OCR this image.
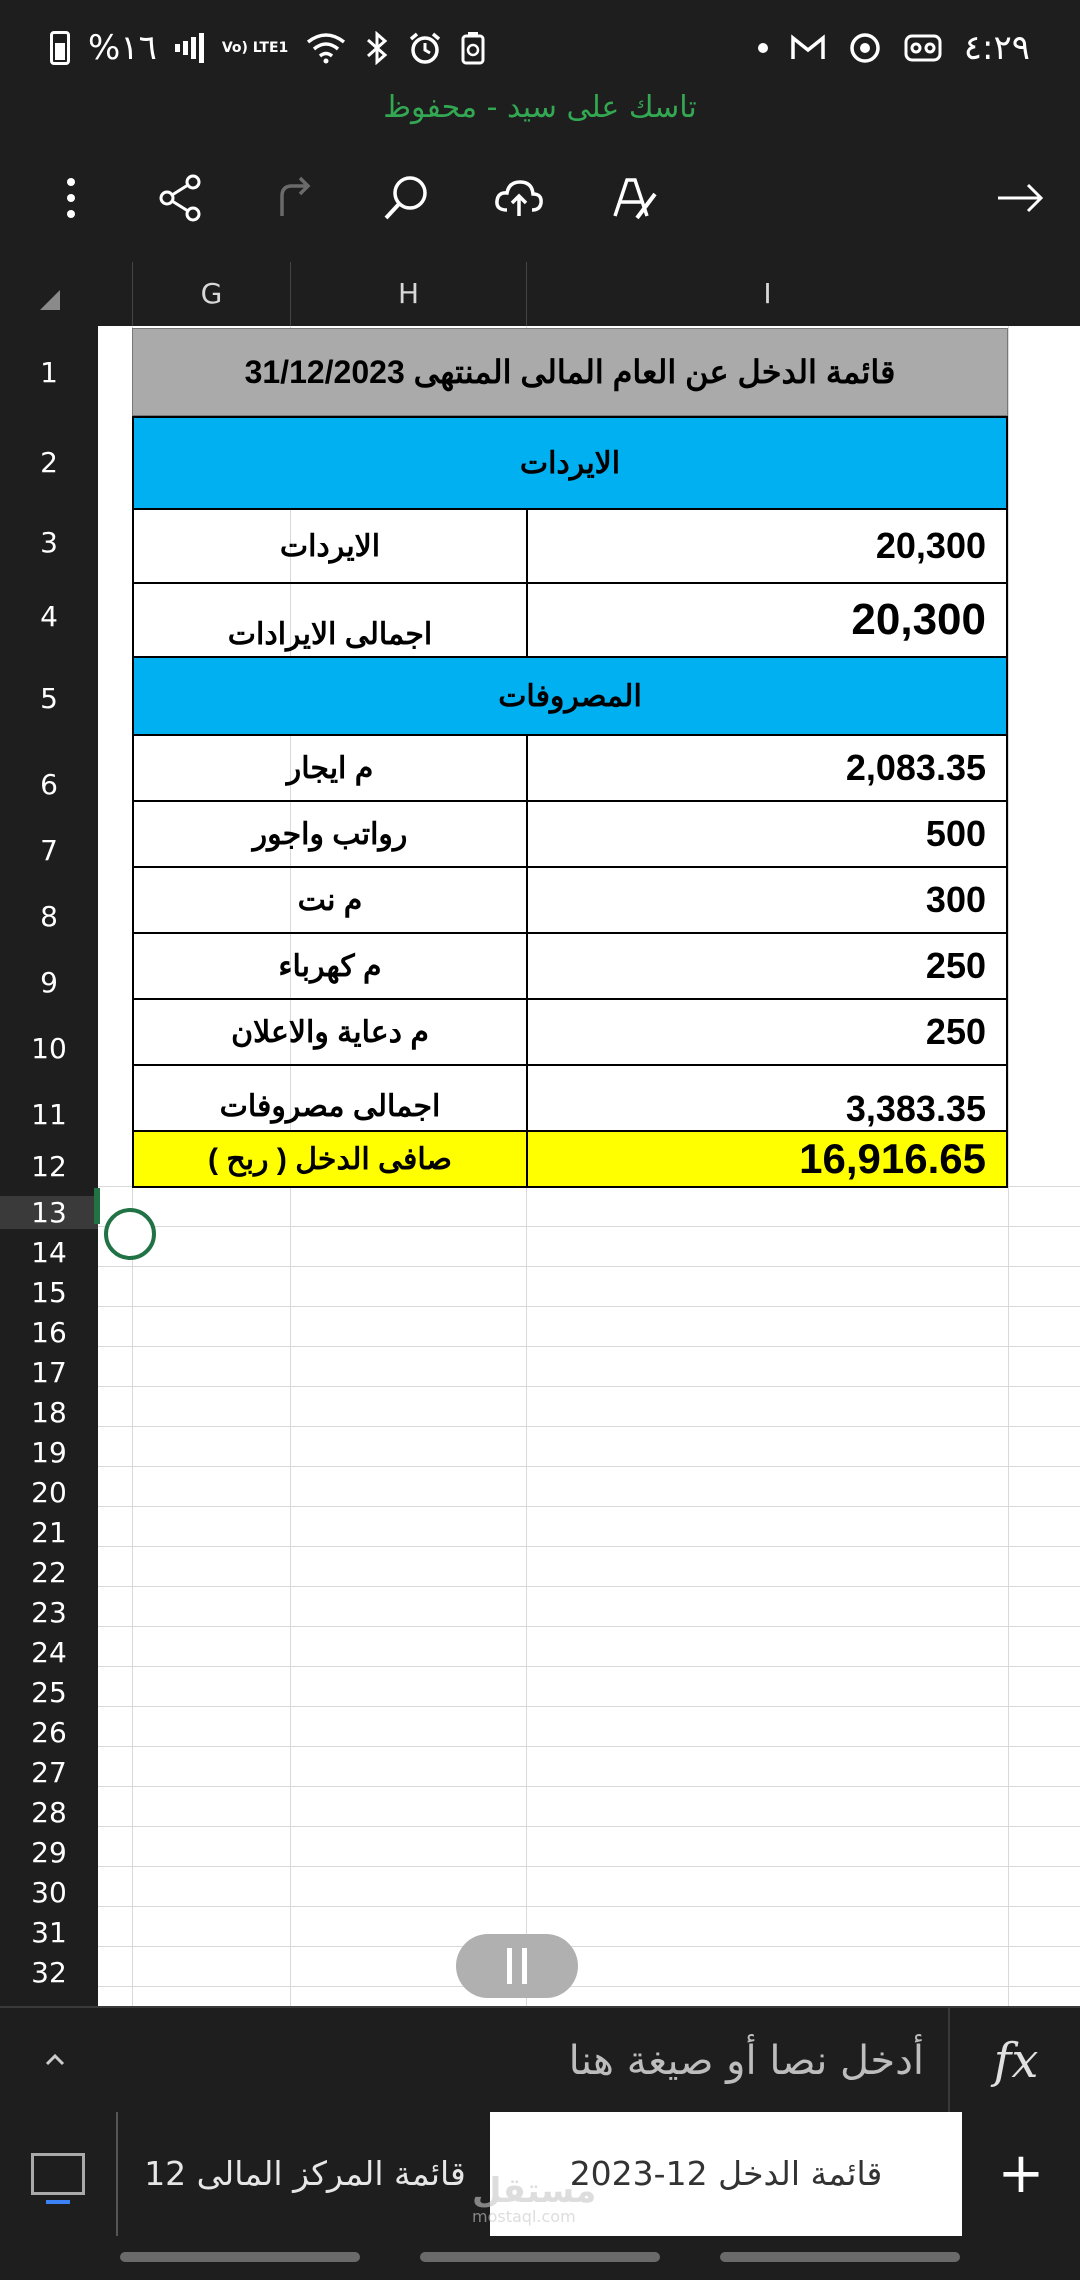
%١٦	Vo) LTE1	٤:٢٩
تاسك على سيد - محفوظ
G	H	I
1
2
3
4
5
6
7
8
9
10
11
12
13
14
15
16
17
18
19
20
21
22
23
24
25
26
27
28
29
30
31
32
قائمة الدخل عن العام المالى المنتهى 31/12/2023
الايردات
الايردات	20,300
اجمالى الايرادات	20,300
المصروفات
م ايجار	2,083.35
رواتب واجور	500
م نت	300
م كهرباء	250
م دعاية والاعلان	250
اجمالى مصروفات	3,383.35
صافى الدخل ( ربح )	16,916.65
أدخل نصا أو صيغة هنا	fx
قائمة المركز المالى 12	قائمة الدخل 12-2023	+
مستقل
mostaql.com
